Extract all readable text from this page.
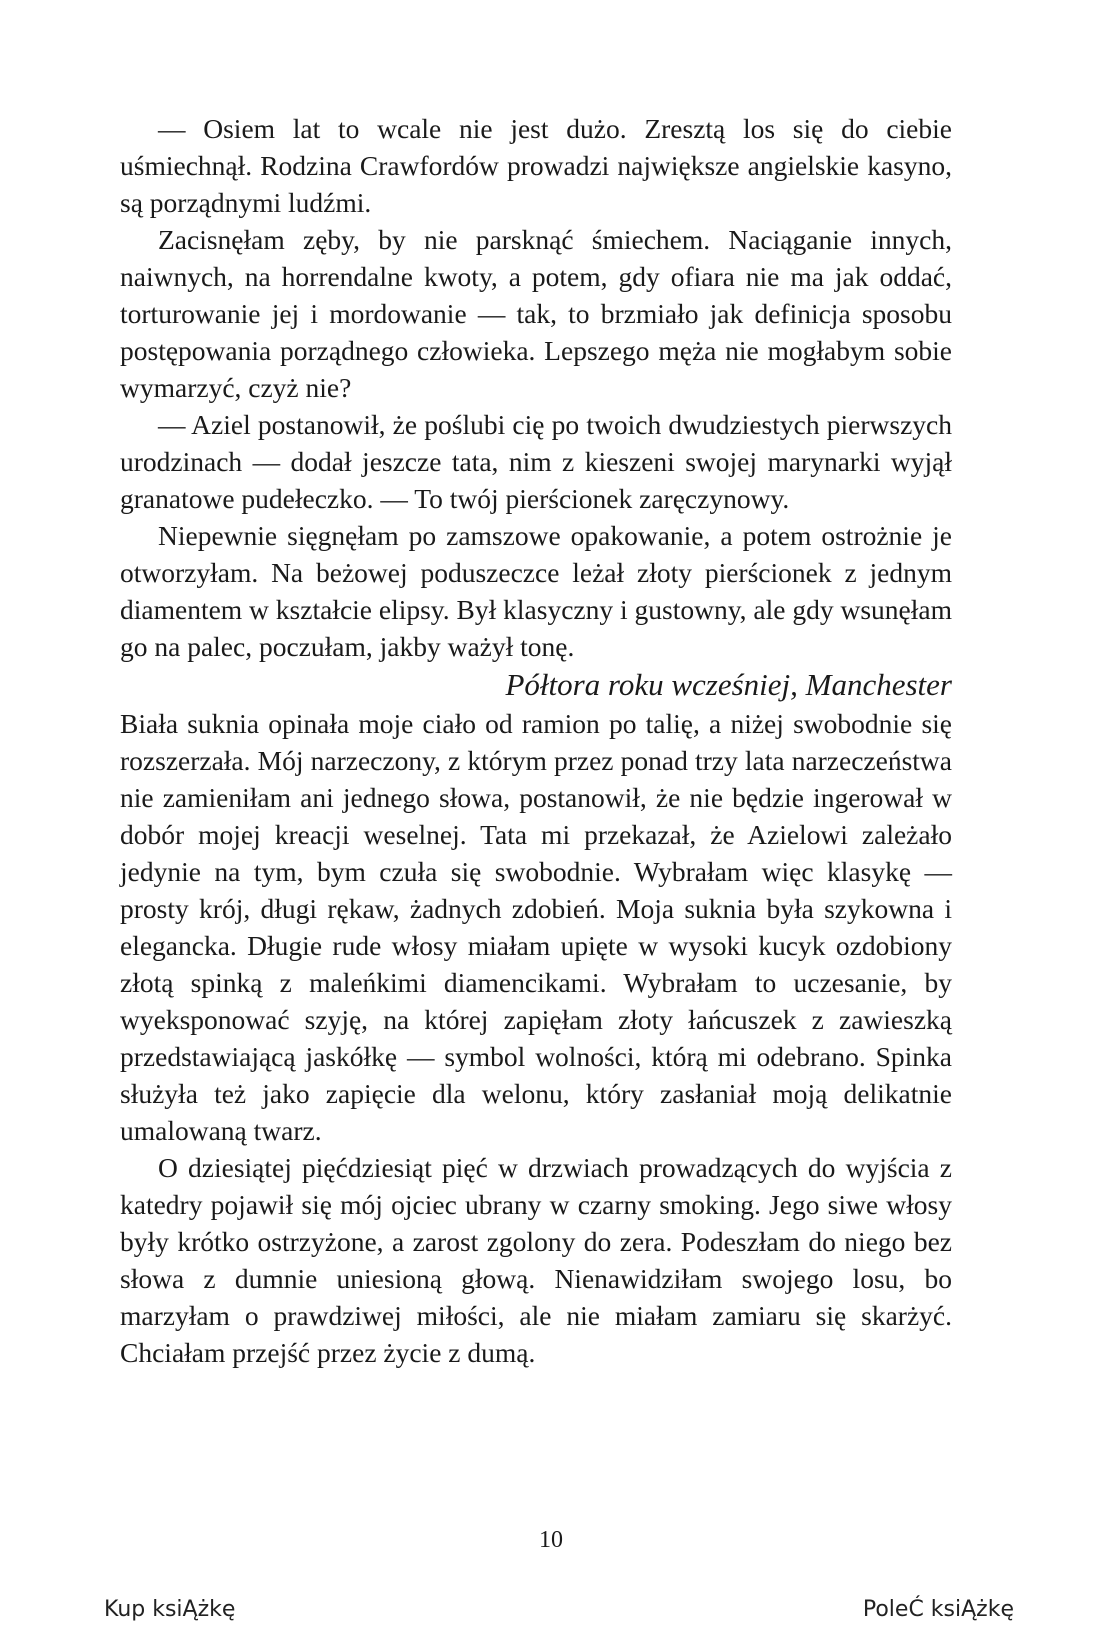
— Osiem lat to wcale nie jest dużo. Zresztą los się do ciebie uśmiechnął. Rodzina Crawfordów prowadzi największe angielskie kasyno, są porządnymi ludźmi.

Zacisnęłam zęby, by nie parsknąć śmiechem. Naciąganie innych, naiwnych, na horrendalne kwoty, a potem, gdy ofiara nie ma jak oddać, torturowanie jej i mordowanie — tak, to brzmiało jak definicja sposobu postępowania porządnego człowieka. Lepszego męża nie mogłabym sobie wymarzyć, czyż nie?

— Aziel postanowił, że poślubi cię po twoich dwudziestych pierwszych urodzinach — dodał jeszcze tata, nim z kieszeni swojej marynarki wyjął granatowe pudełeczko. — To twój pierścionek zaręczynowy.

Niepewnie sięgnęłam po zamszowe opakowanie, a potem ostrożnie je otworzyłam. Na beżowej poduszeczce leżał złoty pierścionek z jednym diamentem w kształcie elipsy. Był klasyczny i gustowny, ale gdy wsunęłam go na palec, poczułam, jakby ważył tonę.

Półtora roku wcześniej, Manchester

Biała suknia opinała moje ciało od ramion po talię, a niżej swobodnie się rozszerzała. Mój narzeczony, z którym przez ponad trzy lata narzeczeństwa nie zamieniłam ani jednego słowa, postanowił, że nie będzie ingerował w dobór mojej kreacji weselnej. Tata mi przekazał, że Azielowi zależało jedynie na tym, bym czuła się swobodnie. Wybrałam więc klasykę — prosty krój, długi rękaw, żadnych zdobień. Moja suknia była szykowna i elegancka. Długie rude włosy miałam upięte w wysoki kucyk ozdobiony złotą spinką z maleńkimi diamencikami. Wybrałam to uczesanie, by wyeksponować szyję, na której zapięłam złoty łańcuszek z zawieszką przedstawiającą jaskółkę — symbol wolności, którą mi odebrano. Spinka służyła też jako zapięcie dla welonu, który zasłaniał moją delikatnie umalowaną twarz.

O dziesiątej pięćdziesiąt pięć w drzwiach prowadzących do wyjścia z katedry pojawił się mój ojciec ubrany w czarny smoking. Jego siwe włosy były krótko ostrzyżone, a zarost zgolony do zera. Podeszłam do niego bez słowa z dumnie uniesioną głową. Nienawidziłam swojego losu, bo marzyłam o prawdziwej miłości, ale nie miałam zamiaru się skarżyć. Chciałam przejść przez życie z dumą.

10
Kup ksiĄżkę	PoleĆ ksiĄżkę
